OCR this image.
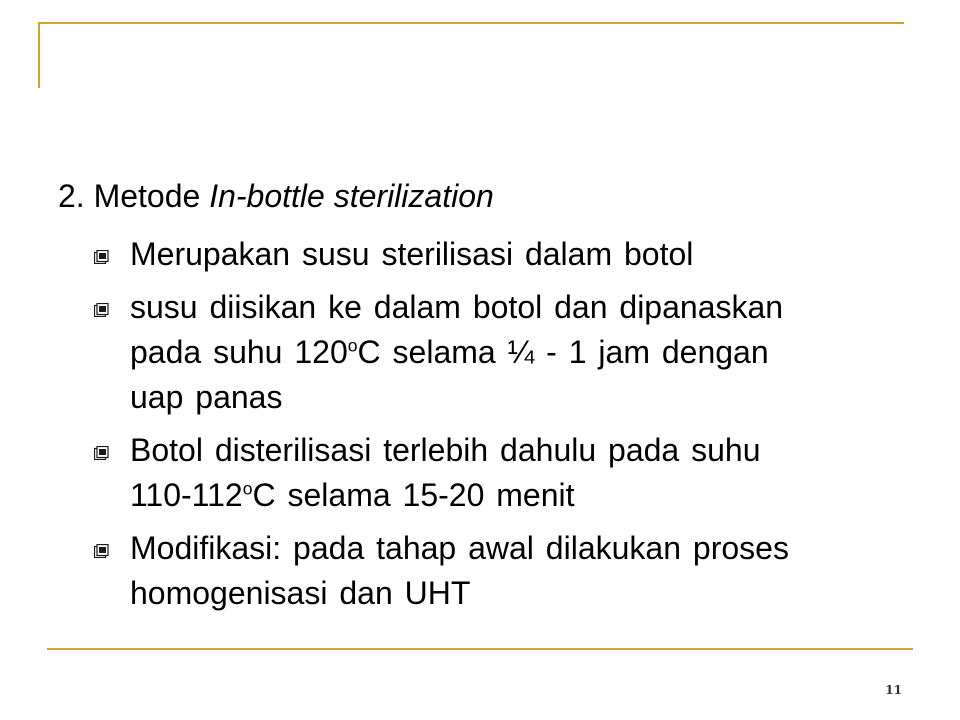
2. Metode In-bottle sterilization
Merupakan susu sterilisasi dalam botol
susu diisikan ke dalam botol dan dipanaskan
pada suhu 120$^o$C selama ¼ - 1 jam dengan
uap panas
Botol disterilisasi terlebih dahulu pada suhu
110-112$^o$C selama 15-20 menit
Modifikasi: pada tahap awal dilakukan proses
homogenisasi dan UHT
11
